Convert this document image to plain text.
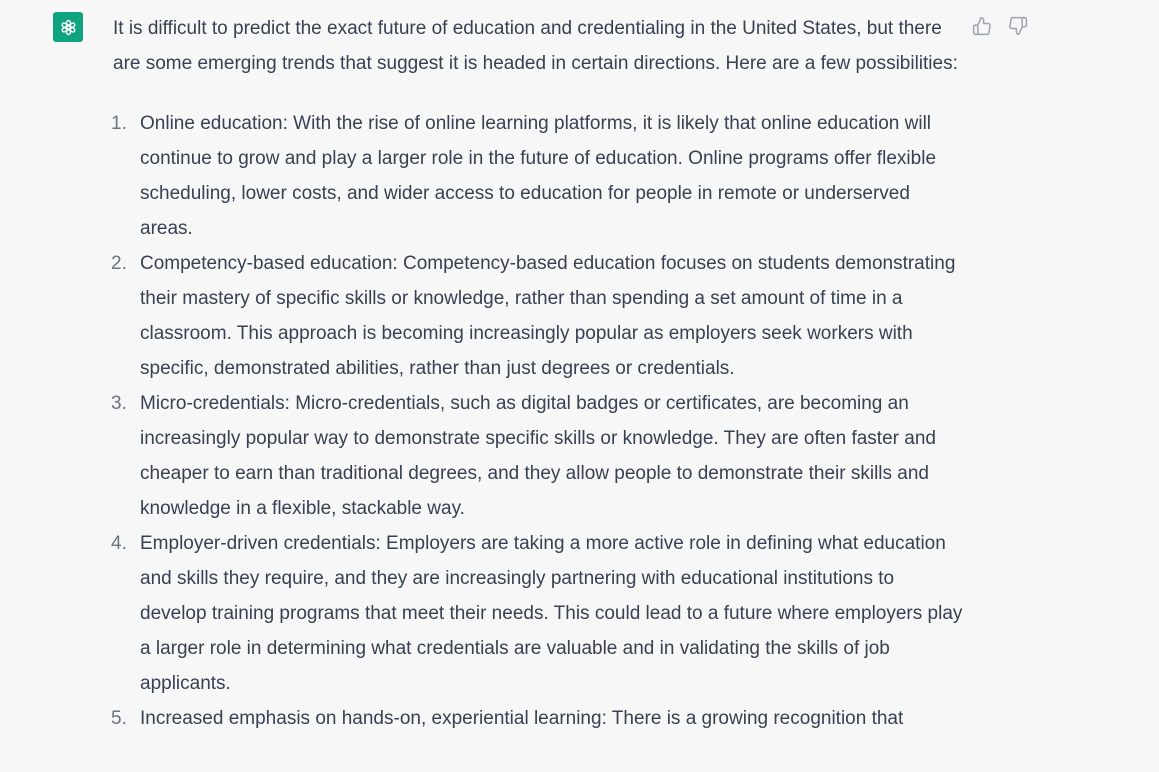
It is difficult to predict the exact future of education and credentialing in the United States, but there are some emerging trends that suggest it is headed in certain directions. Here are a few possibilities:

1. Online education: With the rise of online learning platforms, it is likely that online education will continue to grow and play a larger role in the future of education. Online programs offer flexible scheduling, lower costs, and wider access to education for people in remote or underserved areas.
2. Competency-based education: Competency-based education focuses on students demonstrating their mastery of specific skills or knowledge, rather than spending a set amount of time in a classroom. This approach is becoming increasingly popular as employers seek workers with specific, demonstrated abilities, rather than just degrees or credentials.
3. Micro-credentials: Micro-credentials, such as digital badges or certificates, are becoming an increasingly popular way to demonstrate specific skills or knowledge. They are often faster and cheaper to earn than traditional degrees, and they allow people to demonstrate their skills and knowledge in a flexible, stackable way.
4. Employer-driven credentials: Employers are taking a more active role in defining what education and skills they require, and they are increasingly partnering with educational institutions to develop training programs that meet their needs. This could lead to a future where employers play a larger role in determining what credentials are valuable and in validating the skills of job applicants.
5. Increased emphasis on hands-on, experiential learning: There is a growing recognition that
